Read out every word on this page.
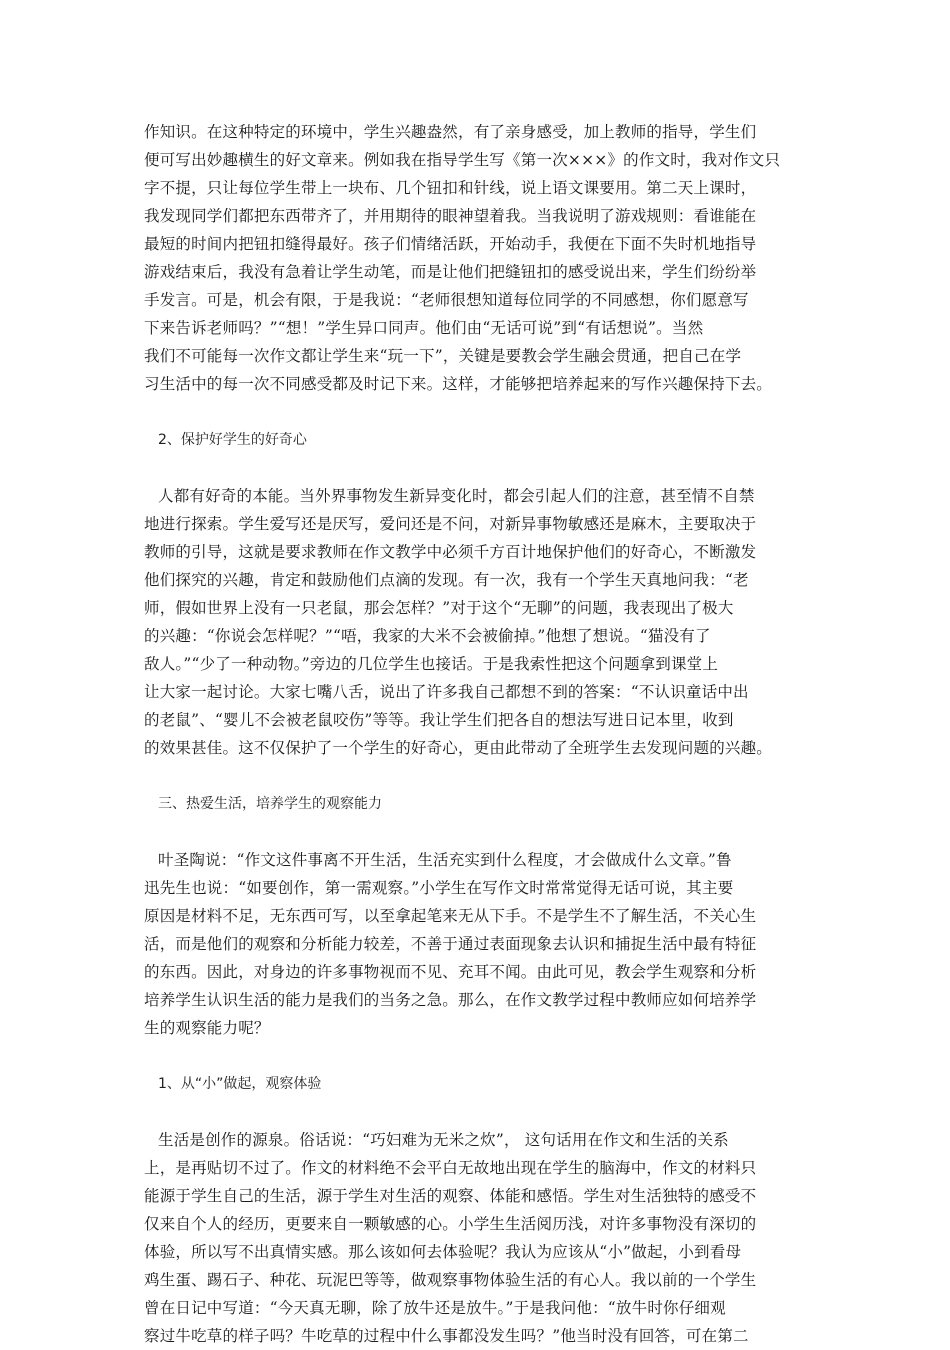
作知识。在这种特定的环境中，学生兴趣盎然，有了亲身感受，加上教师的指导，学生们
便可写出妙趣横生的好文章来。例如我在指导学生写《第一次×××》的作文时，我对作文只
字不提，只让每位学生带上一块布、几个钮扣和针线，说上语文课要用。第二天上课时，
我发现同学们都把东西带齐了，并用期待的眼神望着我。当我说明了游戏规则：看谁能在
最短的时间内把钮扣缝得最好。孩子们情绪活跃，开始动手，我便在下面不失时机地指导
游戏结束后，我没有急着让学生动笔，而是让他们把缝钮扣的感受说出来，学生们纷纷举
手发言。可是，机会有限，于是我说：“老师很想知道每位同学的不同感想，你们愿意写
下来告诉老师吗？”“想！”学生异口同声。他们由“无话可说”到“有话想说”。当然
我们不可能每一次作文都让学生来“玩一下”，关键是要教会学生融会贯通，把自己在学
习生活中的每一次不同感受都及时记下来。这样，才能够把培养起来的写作兴趣保持下去。

2、保护好学生的好奇心

人都有好奇的本能。当外界事物发生新异变化时，都会引起人们的注意，甚至情不自禁
地进行探索。学生爱写还是厌写，爱问还是不问，对新异事物敏感还是麻木，主要取决于
教师的引导，这就是要求教师在作文教学中必须千方百计地保护他们的好奇心，不断激发
他们探究的兴趣，肯定和鼓励他们点滴的发现。有一次，我有一个学生天真地问我：“老
师，假如世界上没有一只老鼠，那会怎样？”对于这个“无聊”的问题，我表现出了极大
的兴趣：“你说会怎样呢？”“唔，我家的大米不会被偷掉。”他想了想说。“猫没有了
敌人。”“少了一种动物。”旁边的几位学生也接话。于是我索性把这个问题拿到课堂上
让大家一起讨论。大家七嘴八舌，说出了许多我自己都想不到的答案：“不认识童话中出
的老鼠”、“婴儿不会被老鼠咬伤”等等。我让学生们把各自的想法写进日记本里，收到
的效果甚佳。这不仅保护了一个学生的好奇心，更由此带动了全班学生去发现问题的兴趣。

三、热爱生活，培养学生的观察能力

叶圣陶说：“作文这件事离不开生活，生活充实到什么程度，才会做成什么文章。”鲁
迅先生也说：“如要创作，第一需观察。”小学生在写作文时常常觉得无话可说，其主要
原因是材料不足，无东西可写，以至拿起笔来无从下手。不是学生不了解生活，不关心生
活，而是他们的观察和分析能力较差，不善于通过表面现象去认识和捕捉生活中最有特征
的东西。因此，对身边的许多事物视而不见、充耳不闻。由此可见，教会学生观察和分析
培养学生认识生活的能力是我们的当务之急。那么，在作文教学过程中教师应如何培养学
生的观察能力呢？

1、从“小”做起，观察体验

生活是创作的源泉。俗话说：“巧妇难为无米之炊”， 这句话用在作文和生活的关系
上，是再贴切不过了。作文的材料绝不会平白无故地出现在学生的脑海中，作文的材料只
能源于学生自己的生活，源于学生对生活的观察、体能和感悟。学生对生活独特的感受不
仅来自个人的经历，更要来自一颗敏感的心。小学生生活阅历浅，对许多事物没有深切的
体验，所以写不出真情实感。那么该如何去体验呢？我认为应该从“小”做起，小到看母
鸡生蛋、踢石子、种花、玩泥巴等等，做观察事物体验生活的有心人。我以前的一个学生
曾在日记中写道：“今天真无聊，除了放牛还是放牛。”于是我问他：“放牛时你仔细观
察过牛吃草的样子吗？牛吃草的过程中什么事都没发生吗？”他当时没有回答，可在第二
